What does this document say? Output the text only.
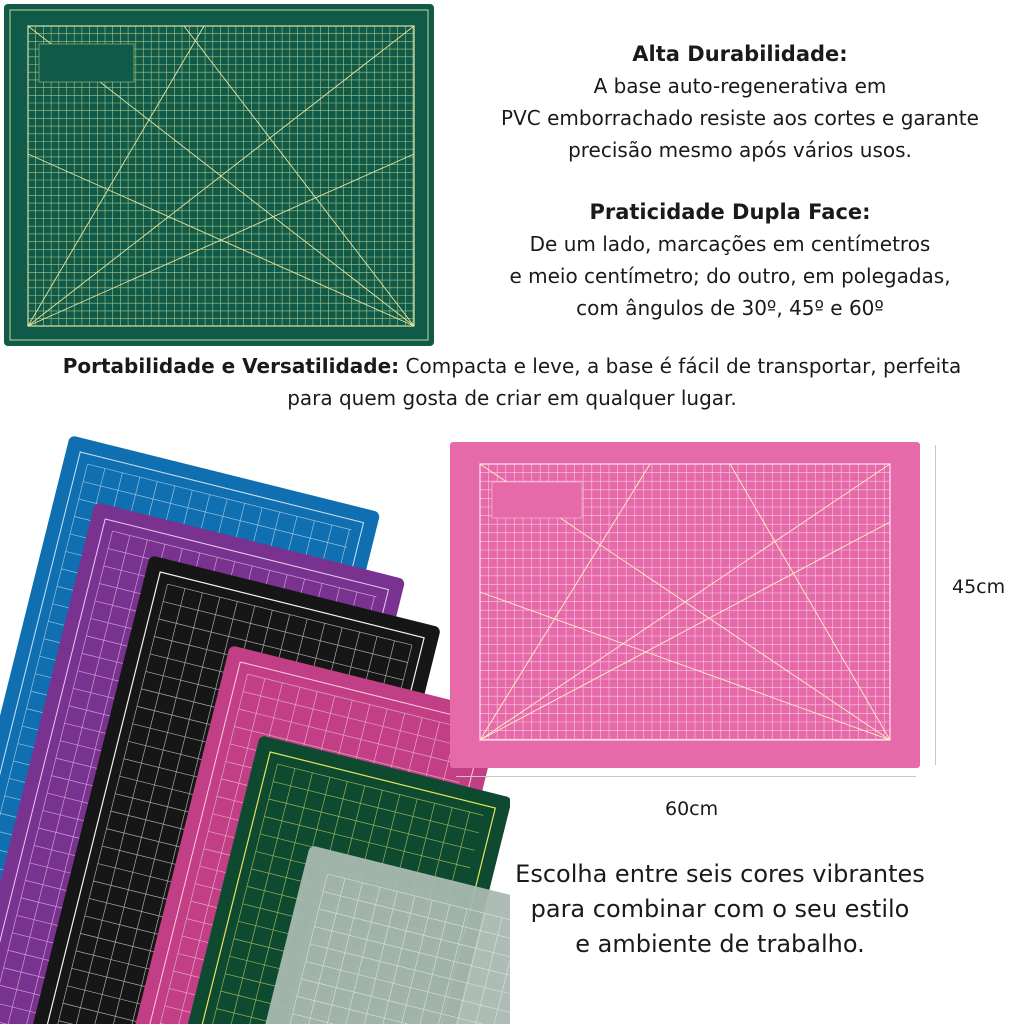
Alta Durabilidade:
A base auto-regenerativa em
PVC emborrachado resiste aos cortes e garante
precisão mesmo após vários usos.
Praticidade Dupla Face:
De um lado, marcações em centímetros
e meio centímetro; do outro, em polegadas,
com ângulos de 30º, 45º e 60º
Portabilidade e Versatilidade: Compacta e leve, a base é fácil de transportar, perfeita
para quem gosta de criar em qualquer lugar.
45cm
60cm
Escolha entre seis cores vibrantes
para combinar com o seu estilo
e ambiente de trabalho.
